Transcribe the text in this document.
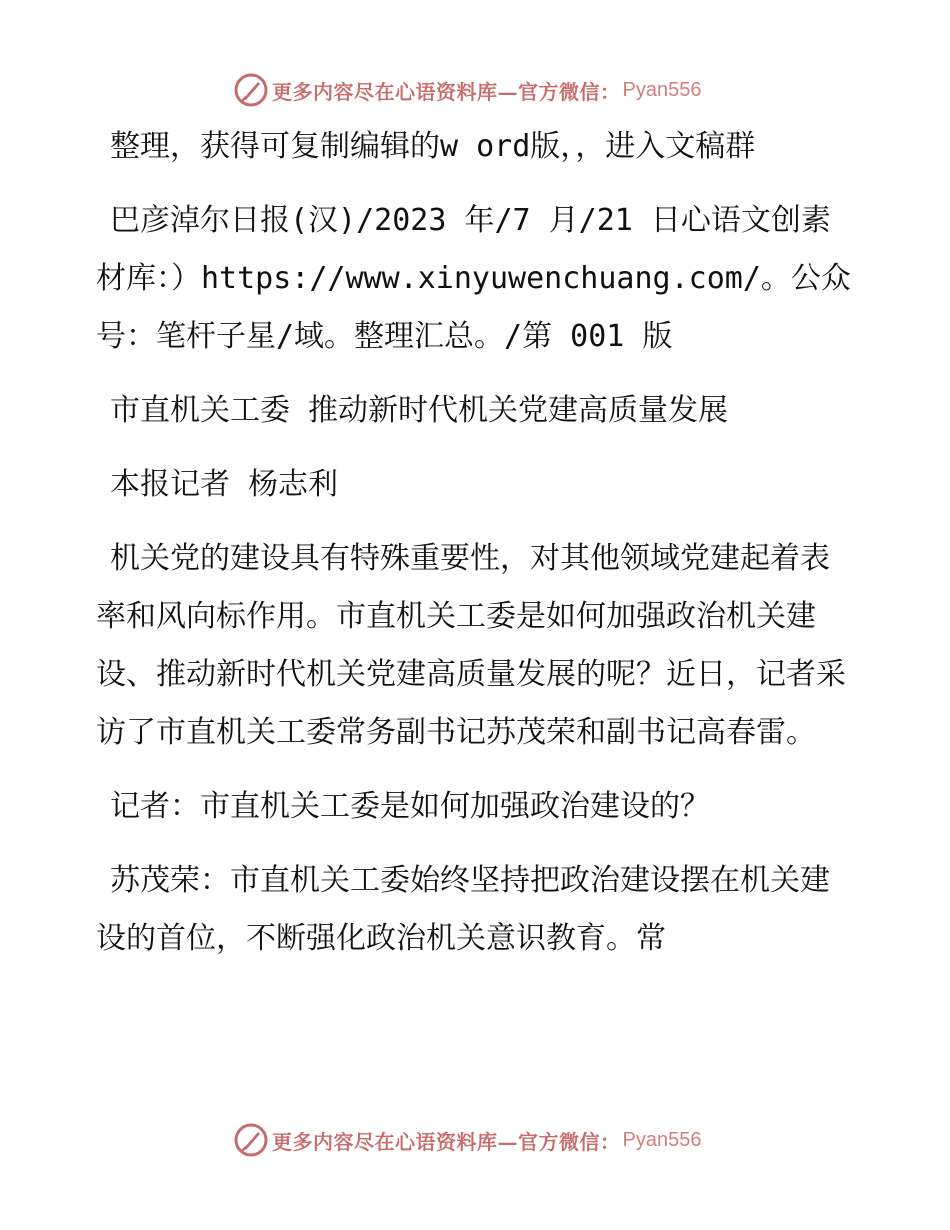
更多内容尽在心语资料库—官方微信： Pyan556

整理，获得可复制编辑的w ord版，，进入文稿群

巴彦淖尔日报(汉)/2023 年/7 月/21 日心语文创素材库：）https://www.xinyuwenchuang.com/。公众号：笔杆子星/域。整理汇总。/第 001 版

市直机关工委 推动新时代机关党建高质量发展

本报记者 杨志利

机关党的建设具有特殊重要性，对其他领域党建起着表率和风向标作用。市直机关工委是如何加强政治机关建设、推动新时代机关党建高质量发展的呢？近日，记者采访了市直机关工委常务副书记苏茂荣和副书记高春雷。

记者：市直机关工委是如何加强政治建设的？

苏茂荣：市直机关工委始终坚持把政治建设摆在机关建设的首位，不断强化政治机关意识教育。常

更多内容尽在心语资料库—官方微信： Pyan556
